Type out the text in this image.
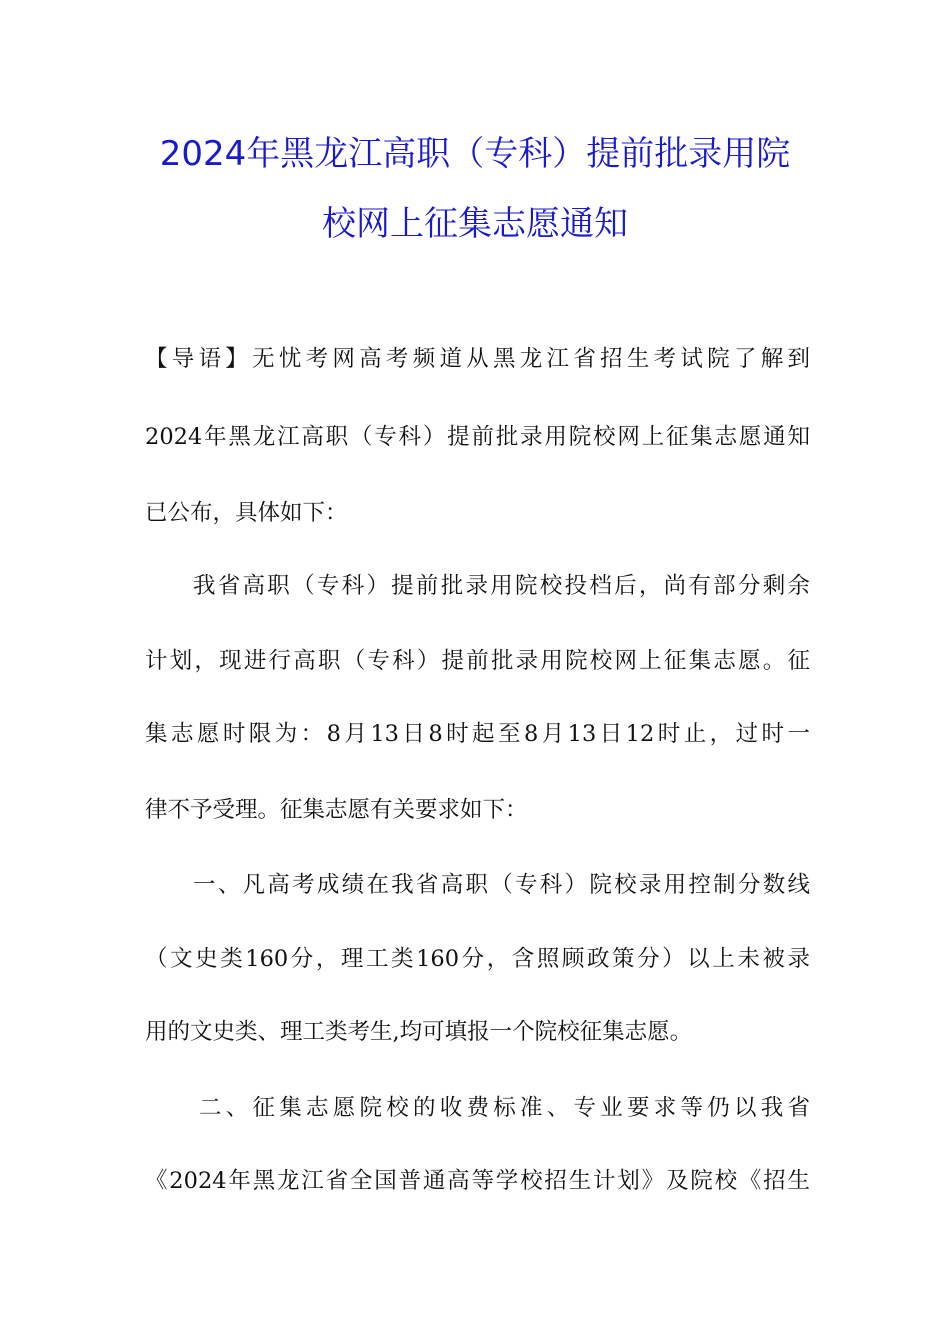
2024年黑龙江高职（专科）提前批录用院
校网上征集志愿通知
【导语】无忧考网高考频道从黑龙江省招生考试院了解到
2024年黑龙江高职（专科）提前批录用院校网上征集志愿通知
已公布，具体如下：
我省高职（专科）提前批录用院校投档后，尚有部分剩余
计划，现进行高职（专科）提前批录用院校网上征集志愿。征
集志愿时限为：8月13日8时起至8月13日12时止，过时一
律不予受理。征集志愿有关要求如下：
一、凡高考成绩在我省高职（专科）院校录用控制分数线
（文史类160分，理工类160分，含照顾政策分）以上未被录
用的文史类、理工类考生,均可填报一个院校征集志愿。
二、征集志愿院校的收费标准、专业要求等仍以我省
《2024年黑龙江省全国普通高等学校招生计划》及院校《招生
